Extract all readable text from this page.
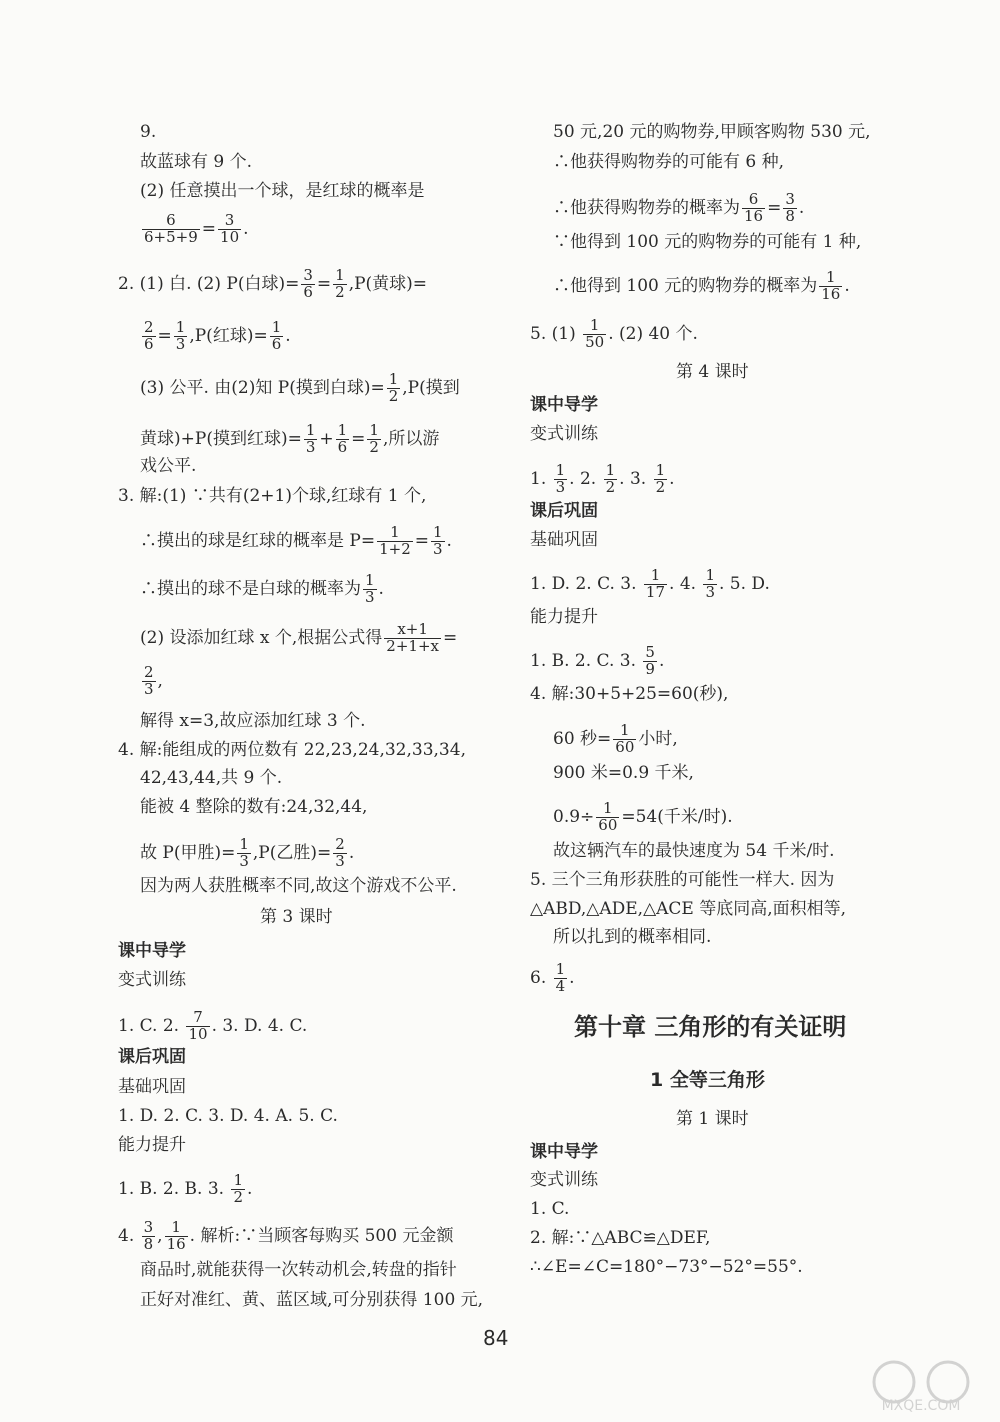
9.
故蓝球有 9 个.
(2) 任意摸出一个球，是红球的概率是
$\frac{6}{6+5+9} = \frac{3}{10}$ .
2. (1) 白. (2) P(白球)= $\frac{3}{6} = \frac{1}{2} ,P$(黄球)=
$\frac{2}{6} = \frac{1}{3} ,P$(红球)= $\frac{1}{6}$ .
(3) 公平. 由(2)知 P(摸到白球)= $\frac{1}{2} ,P$(摸到
黄球)+P(摸到红球)= $\frac{1}{3} + \frac{1}{6} = \frac{1}{2}$ ,所以游
戏公平.
3. 解:(1) ∵共有(2+1)个球,红球有 1 个,
∴摸出的球是红球的概率是 $P= \frac{1}{1+2} = \frac{1}{3}$ .
∴摸出的球不是白球的概率为 $\frac{1}{3}$ .
(2) 设添加红球 x 个,根据公式得 $\frac{x+1}{2+1+x}$ =
$\frac{2}{3}$ ,
解得 x=3,故应添加红球 3 个.
4. 解:能组成的两位数有 22,23,24,32,33,34,
42,43,44,共 9 个.
能被 4 整除的数有:24,32,44,
故 P(甲胜)= $\frac{1}{3} ,P$(乙胜)= $\frac{2}{3}$ .
因为两人获胜概率不同,故这个游戏不公平.
第 3 课时
课中导学
变式训练
1. C. 2. $\frac{7}{10}$ . 3. D. 4. C.
课后巩固
基础巩固
1. D. 2. C. 3. D. 4. A. 5. C.
能力提升
1. B. 2. B. 3. $\frac{1}{2}$ .
4. $\frac{3}{8}$ , $\frac{1}{16}$ . 解析:∵当顾客每购买 500 元金额
商品时,就能获得一次转动机会,转盘的指针
正好对准红、黄、蓝区域,可分别获得 100 元,
50 元,20 元的购物券,甲顾客购物 530 元,
∴他获得购物券的可能有 6 种,
∴他获得购物券的概率为 $\frac{6}{16} = \frac{3}{8}$ .
∵他得到 100 元的购物券的可能有 1 种,
∴他得到 100 元的购物券的概率为 $\frac{1}{16}$ .
5. $(1) \frac{1}{50}$ . (2) 40 个.
第 4 课时
课中导学
变式训练
1. $\frac{1}{3}$ . 2. $\frac{1}{2}$ . 3. $\frac{1}{2}$ .
课后巩固
基础巩固
1. D. 2. C. 3. $\frac{1}{17}$ . 4. $\frac{1}{3}$ . 5. D.
能力提升
1. B. 2. C. 3. $\frac{5}{9}$ .
4. 解:30+5+25=60(秒),
60 秒= $\frac{1}{60}$ 小时,
900 米=0.9 千米,
$0.9\div \frac{1}{60} =54$(千米/时).
故这辆汽车的最快速度为 54 千米/时.
5. 三个三角形获胜的可能性一样大. 因为
△ABD,△ADE,△ACE 等底同高,面积相等,
所以扎到的概率相同.
6. $\frac{1}{4}$ .
第十章 三角形的有关证明
1 全等三角形
第 1 课时
课中导学
变式训练
1. C.
2. 解:∵△ABC≌△DEF,
∴∠E=∠C=180°−73°−52°=55°.
84
MXQE.COM
